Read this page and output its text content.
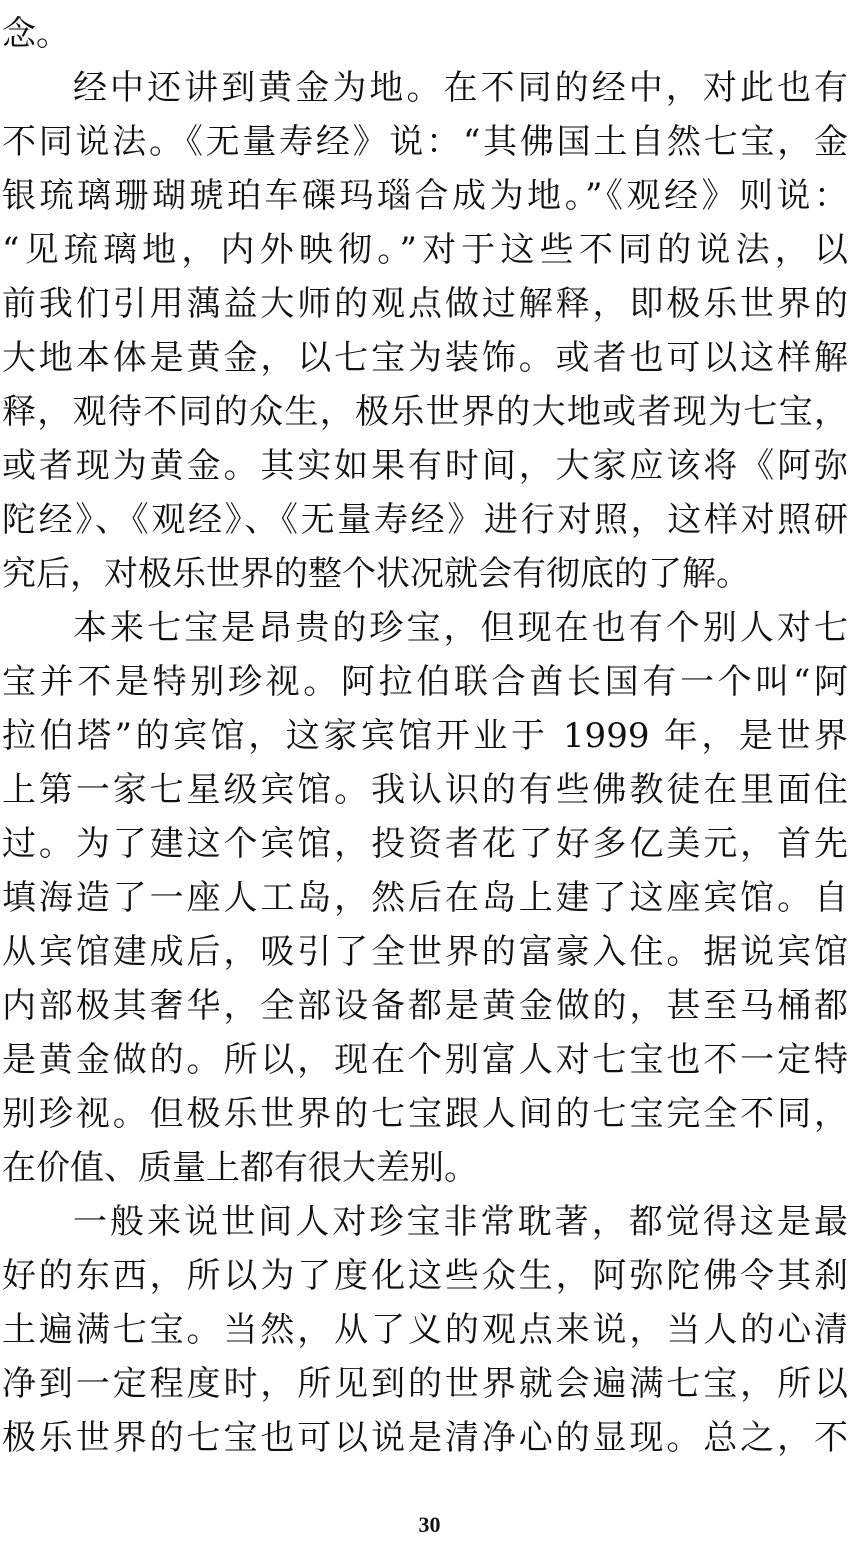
念。
经中还讲到黄金为地。在不同的经中，对此也有
不同说法。《无量寿经》说：“其佛国土自然七宝，金
银琉璃珊瑚琥珀车磲玛瑙合成为地。”《观经》则说：
“见琉璃地，内外映彻。”对于这些不同的说法，以
前我们引用蕅益大师的观点做过解释，即极乐世界的
大地本体是黄金，以七宝为装饰。或者也可以这样解
释，观待不同的众生，极乐世界的大地或者现为七宝，
或者现为黄金。其实如果有时间，大家应该将《阿弥
陀经》、《观经》、《无量寿经》进行对照，这样对照研
究后，对极乐世界的整个状况就会有彻底的了解。
本来七宝是昂贵的珍宝，但现在也有个别人对七
宝并不是特别珍视。阿拉伯联合酋长国有一个叫“阿
拉伯塔”的宾馆，这家宾馆开业于 1999 年，是世界
上第一家七星级宾馆。我认识的有些佛教徒在里面住
过。为了建这个宾馆，投资者花了好多亿美元，首先
填海造了一座人工岛，然后在岛上建了这座宾馆。自
从宾馆建成后，吸引了全世界的富豪入住。据说宾馆
内部极其奢华，全部设备都是黄金做的，甚至马桶都
是黄金做的。所以，现在个别富人对七宝也不一定特
别珍视。但极乐世界的七宝跟人间的七宝完全不同，
在价值、质量上都有很大差别。
一般来说世间人对珍宝非常耽著，都觉得这是最
好的东西，所以为了度化这些众生，阿弥陀佛令其刹
土遍满七宝。当然，从了义的观点来说，当人的心清
净到一定程度时，所见到的世界就会遍满七宝，所以
极乐世界的七宝也可以说是清净心的显现。总之，不
30
